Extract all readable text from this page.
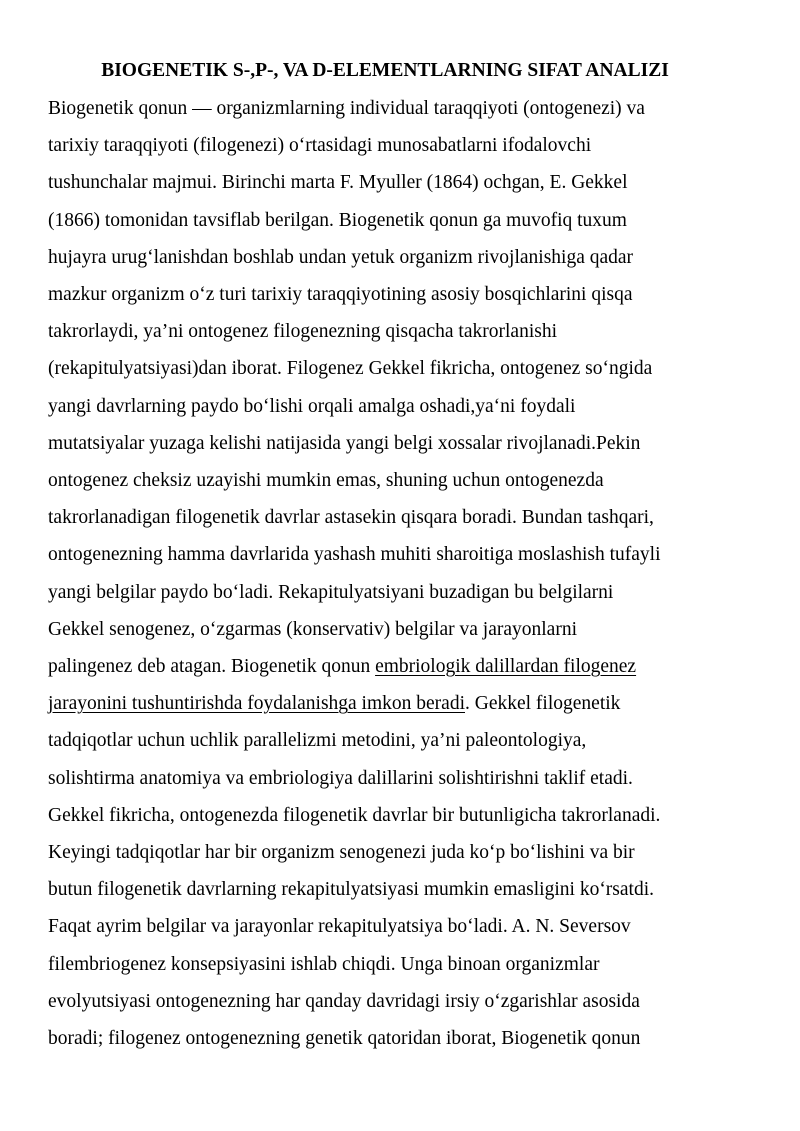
BIOGENETIK S-,P-, VA D-ELEMENTLARNING SIFAT ANALIZI
Biogenetik qonun — organizmlarning individual taraqqiyoti (ontogenezi) va
tarixiy taraqqiyoti (filogenezi) oʻrtasidagi munosabatlarni ifodalovchi
tushunchalar majmui. Birinchi marta F. Myuller (1864) ochgan, E. Gekkel
(1866) tomonidan tavsiflab berilgan. Biogenetik qonun ga muvofiq tuxum
hujayra urugʻlanishdan boshlab undan yetuk organizm rivojlanishiga qadar
mazkur organizm oʻz turi tarixiy taraqqiyotining asosiy bosqichlarini qisqa
takrorlaydi, ya’ni ontogenez filogenezning qisqacha takrorlanishi
(rekapitulyatsiyasi)dan iborat. Filogenez Gekkel fikricha, ontogenez soʻngida
yangi davrlarning paydo boʻlishi orqali amalga oshadi,yaʻni foydali
mutatsiyalar yuzaga kelishi natijasida yangi belgi xossalar rivojlanadi.Pekin
ontogenez cheksiz uzayishi mumkin emas, shuning uchun ontogenezda
takrorlanadigan filogenetik davrlar astasekin qisqara boradi. Bundan tashqari,
ontogenezning hamma davrlarida yashash muhiti sharoitiga moslashish tufayli
yangi belgilar paydo boʻladi. Rekapitulyatsiyani buzadigan bu belgilarni
Gekkel senogenez, oʻzgarmas (konservativ) belgilar va jarayonlarni
palingenez deb atagan. Biogenetik qonun embriologik dalillardan filogenez
jarayonini tushuntirishda foydalanishga imkon beradi. Gekkel filogenetik
tadqiqotlar uchun uchlik parallelizmi metodini, ya’ni paleontologiya,
solishtirma anatomiya va embriologiya dalillarini solishtirishni taklif etadi.
Gekkel fikricha, ontogenezda filogenetik davrlar bir butunligicha takrorlanadi.
Keyingi tadqiqotlar har bir organizm senogenezi juda koʻp boʻlishini va bir
butun filogenetik davrlarning rekapitulyatsiyasi mumkin emasligini koʻrsatdi.
Faqat ayrim belgilar va jarayonlar rekapitulyatsiya boʻladi. A. N. Seversov
filembriogenez konsepsiyasini ishlab chiqdi. Unga binoan organizmlar
evolyutsiyasi ontogenezning har qanday davridagi irsiy oʻzgarishlar asosida
boradi; filogenez ontogenezning genetik qatoridan iborat, Biogenetik qonun
